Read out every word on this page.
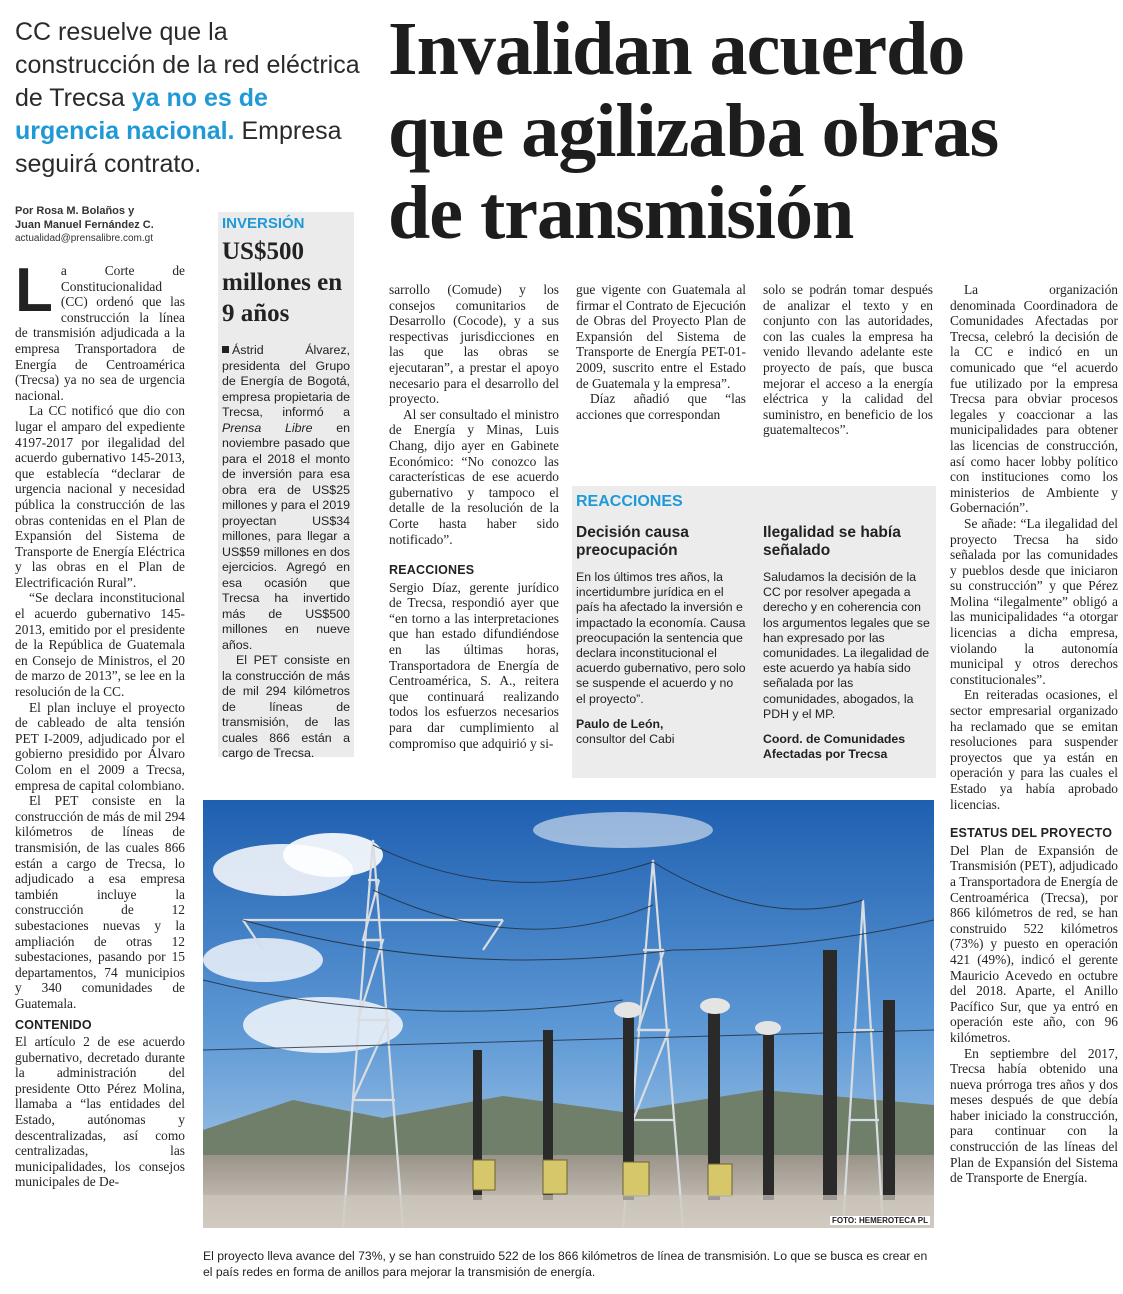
CC resuelve que la construcción de la red eléctrica de Trecsa ya no es de urgencia nacional. Empresa seguirá contrato.
Invalidan acuerdo
que agilizaba obras
de transmisión
Por Rosa M. Bolaños y
Juan Manuel Fernández C.
actualidad@prensalibre.com.gt

La Corte de Constitucionalidad (CC) ordenó que las construcción la línea de transmisión adjudicada a la empresa Transportadora de Energía de Centroamérica (Trecsa) ya no sea de urgencia nacional.

La CC notificó que dio con lugar el amparo del expediente 4197-2017 por ilegalidad del acuerdo gubernativo 145-2013, que establecía “declarar de urgencia nacional y necesidad pública la construcción de las obras contenidas en el Plan de Expansión del Sistema de Transporte de Energía Eléctrica y las obras en el Plan de Electrificación Rural”.

“Se declara inconstitucional el acuerdo gubernativo 145-2013, emitido por el presidente de la República de Guatemala en Consejo de Ministros, el 20 de marzo de 2013”, se lee en la resolución de la CC.

El plan incluye el proyecto de cableado de alta tensión PET I-2009, adjudicado por el gobierno presidido por Álvaro Colom en el 2009 a Trecsa, empresa de capital colombiano.

El PET consiste en la construcción de más de mil 294 kilómetros de líneas de transmisión, de las cuales 866 están a cargo de Trecsa, lo adjudicado a esa empresa también incluye la construcción de 12 subestaciones nuevas y la ampliación de otras 12 subestaciones, pasando por 15 departamentos, 74 municipios y 340 comunidades de Guatemala.

CONTENIDO

El artículo 2 de ese acuerdo gubernativo, decretado durante la administración del presidente Otto Pérez Molina, llamaba a “las entidades del Estado, autónomas y descentralizadas, así como centralizadas, las municipalidades, los consejos municipales de De-

INVERSIÓN
US$500 millones en 9 años

Ástrid Álvarez, presidenta del Grupo de Energía de Bogotá, empresa propietaria de Trecsa, informó a Prensa Libre en noviembre pasado que para el 2018 el monto de inversión para esa obra era de US$25 millones y para el 2019 proyectan US$34 millones, para llegar a US$59 millones en dos ejercicios. Agregó en esa ocasión que Trecsa ha invertido más de US$500 millones en nueve años.

El PET consiste en la construcción de más de mil 294 kilómetros de líneas de transmisión, de las cuales 866 están a cargo de Trecsa.

sarrollo (Comude) y los consejos comunitarios de Desarrollo (Cocode), y a sus respectivas jurisdicciones en las que las obras se ejecutaran”, a prestar el apoyo necesario para el desarrollo del proyecto.

Al ser consultado el ministro de Energía y Minas, Luis Chang, dijo ayer en Gabinete Económico: “No conozco las características de ese acuerdo gubernativo y tampoco el detalle de la resolución de la Corte hasta haber sido notificado”.

REACCIONES

Sergio Díaz, gerente jurídico de Trecsa, respondió ayer que “en torno a las interpretaciones que han estado difundiéndose en las últimas horas, Transportadora de Energía de Centroamérica, S. A., reitera que continuará realizando todos los esfuerzos necesarios para dar cumplimiento al compromiso que adquirió y si-

gue vigente con Guatemala al firmar el Contrato de Ejecución de Obras del Proyecto Plan de Expansión del Sistema de Transporte de Energía PET-01-2009, suscrito entre el Estado de Guatemala y la empresa”.

Díaz añadió que “las acciones que correspondan

solo se podrán tomar después de analizar el texto y en conjunto con las autoridades, con las cuales la empresa ha venido llevando adelante este proyecto de país, que busca mejorar el acceso a la energía eléctrica y la calidad del suministro, en beneficio de los guatemaltecos”.

REACCIONES
Decisión causa preocupación

En los últimos tres años, la incertidumbre jurídica en el país ha afectado la inversión e impactado la economía. Causa preocupación la sentencia que declara inconstitucional el acuerdo gubernativo, pero solo se suspende el acuerdo y no el proyecto”.

Paulo de León,

consultor del Cabi

Ilegalidad se había señalado

Saludamos la decisión de la CC por resolver apegada a derecho y en coherencia con los argumentos legales que se han expresado por las comunidades. La ilegalidad de este acuerdo ya había sido señalada por las comunidades, abogados, la PDH y el MP.

Coord. de Comunidades Afectadas por Trecsa

La organización denominada Coordinadora de Comunidades Afectadas por Trecsa, celebró la decisión de la CC e indicó en un comunicado que “el acuerdo fue utilizado por la empresa Trecsa para obviar procesos legales y coaccionar a las municipalidades para obtener las licencias de construcción, así como hacer lobby político con instituciones como los ministerios de Ambiente y Gobernación”.

Se añade: “La ilegalidad del proyecto Trecsa ha sido señalada por las comunidades y pueblos desde que iniciaron su construcción” y que Pérez Molina “ilegalmente” obligó a las municipalidades “a otorgar licencias a dicha empresa, violando la autonomía municipal y otros derechos constitucionales”.

En reiteradas ocasiones, el sector empresarial organizado ha reclamado que se emitan resoluciones para suspender proyectos que ya están en operación y para las cuales el Estado ya había aprobado licencias.

ESTATUS DEL PROYECTO

Del Plan de Expansión de Transmisión (PET), adjudicado a Transportadora de Energía de Centroamérica (Trecsa), por 866 kilómetros de red, se han construido 522 kilómetros (73%) y puesto en operación 421 (49%), indicó el gerente Mauricio Acevedo en octubre del 2018. Aparte, el Anillo Pacífico Sur, que ya entró en operación este año, con 96 kilómetros.

En septiembre del 2017, Trecsa había obtenido una nueva prórroga tres años y dos meses después de que debía haber iniciado la construcción, para continuar con la construcción de las líneas del Plan de Expansión del Sistema de Transporte de Energía.

FOTO: HEMEROTECA PL
El proyecto lleva avance del 73%, y se han construido 522 de los 866 kilómetros de línea de transmisión. Lo que se busca es crear en el país redes en forma de anillos para mejorar la transmisión de energía.
